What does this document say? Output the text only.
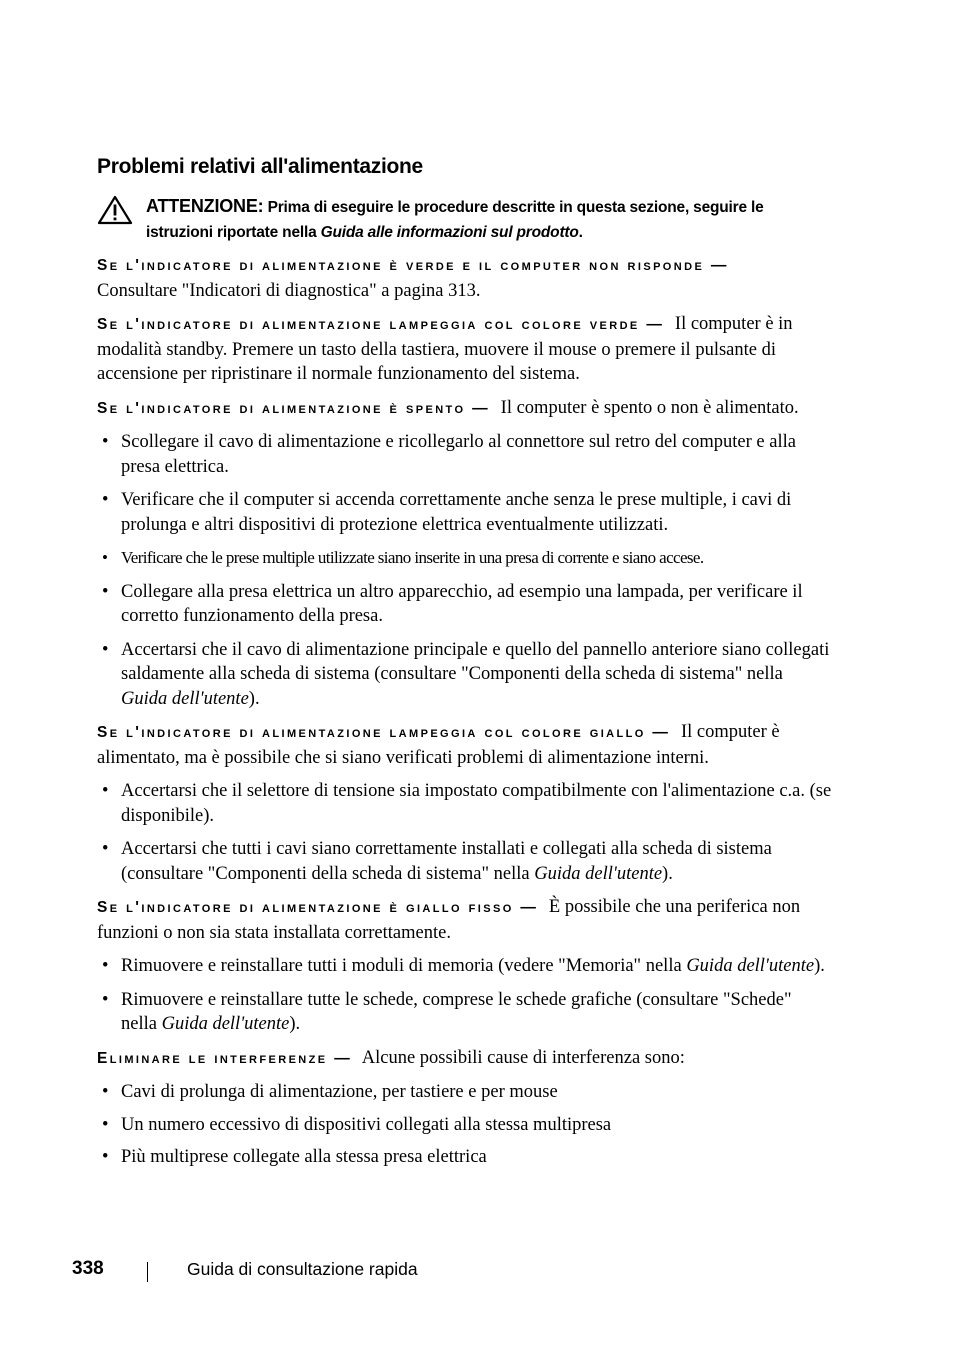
Problemi relativi all'alimentazione
ATTENZIONE: Prima di eseguire le procedure descritte in questa sezione, seguire le istruzioni riportate nella Guida alle informazioni sul prodotto.

Se l'indicatore di alimentazione è verde e il computer non risponde —
Consultare "Indicatori di diagnostica" a pagina 313.

Se l'indicatore di alimentazione lampeggia col colore verde — Il computer è in modalità standby. Premere un tasto della tastiera, muovere il mouse o premere il pulsante di accensione per ripristinare il normale funzionamento del sistema.

Se l'indicatore di alimentazione è spento — Il computer è spento o non è alimentato.

• Scollegare il cavo di alimentazione e ricollegarlo al connettore sul retro del computer e alla presa elettrica.
• Verificare che il computer si accenda correttamente anche senza le prese multiple, i cavi di prolunga e altri dispositivi di protezione elettrica eventualmente utilizzati.
• Verificare che le prese multiple utilizzate siano inserite in una presa di corrente e siano accese.
• Collegare alla presa elettrica un altro apparecchio, ad esempio una lampada, per verificare il corretto funzionamento della presa.
• Accertarsi che il cavo di alimentazione principale e quello del pannello anteriore siano collegati saldamente alla scheda di sistema (consultare "Componenti della scheda di sistema" nella Guida dell'utente).

Se l'indicatore di alimentazione lampeggia col colore giallo — Il computer è alimentato, ma è possibile che si siano verificati problemi di alimentazione interni.

• Accertarsi che il selettore di tensione sia impostato compatibilmente con l'alimentazione c.a. (se disponibile).
• Accertarsi che tutti i cavi siano correttamente installati e collegati alla scheda di sistema (consultare "Componenti della scheda di sistema" nella Guida dell'utente).

Se l'indicatore di alimentazione è giallo fisso — È possibile che una periferica non funzioni o non sia stata installata correttamente.

• Rimuovere e reinstallare tutti i moduli di memoria (vedere "Memoria" nella Guida dell'utente).
• Rimuovere e reinstallare tutte le schede, comprese le schede grafiche (consultare "Schede" nella Guida dell'utente).

Eliminare le interferenze — Alcune possibili cause di interferenza sono:

• Cavi di prolunga di alimentazione, per tastiere e per mouse
• Un numero eccessivo di dispositivi collegati alla stessa multipresa
• Più multiprese collegate alla stessa presa elettrica
338	Guida di consultazione rapida
